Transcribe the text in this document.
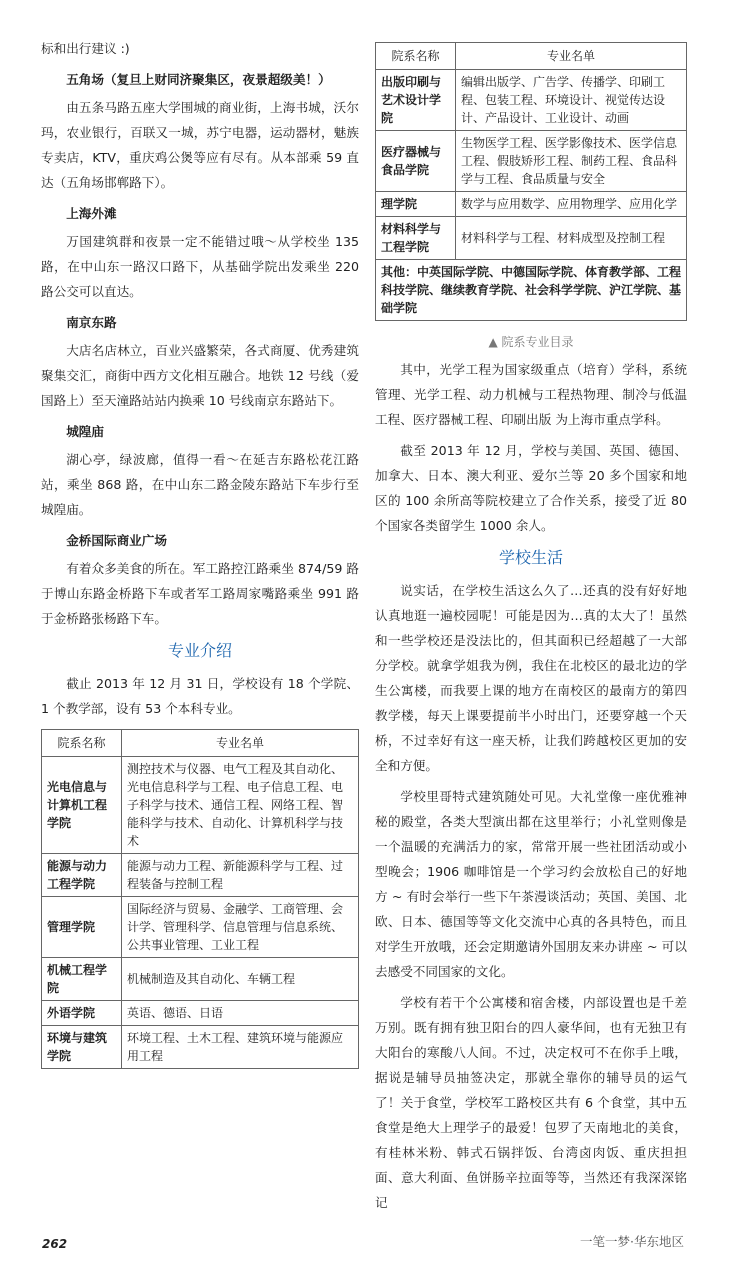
标和出行建议 :)

五角场（复旦上财同济聚集区，夜景超级美！）

由五条马路五座大学围城的商业街，上海书城，沃尔玛，农业银行，百联又一城，苏宁电器，运动器材，魅族专卖店，KTV，重庆鸡公煲等应有尽有。从本部乘 59 直达（五角场邯郸路下）。

上海外滩

万国建筑群和夜景一定不能错过哦～从学校坐 135 路，在中山东一路汉口路下，从基础学院出发乘坐 220 路公交可以直达。

南京东路

大店名店林立，百业兴盛繁荣，各式商厦、优秀建筑聚集交汇，商街中西方文化相互融合。地铁 12 号线（爱国路上）至天潼路站站内换乘 10 号线南京东路站下。

城隍庙

湖心亭，绿波廊，值得一看～在延吉东路松花江路站，乘坐 868 路，在中山东二路金陵东路站下车步行至城隍庙。

金桥国际商业广场

有着众多美食的所在。军工路控江路乘坐 874/59 路于博山东路金桥路下车或者军工路周家嘴路乘坐 991 路于金桥路张杨路下车。

专业介绍

截止 2013 年 12 月 31 日，学校设有 18 个学院、1 个教学部，设有 53 个本科专业。

院系名称	专业名单
光电信息与计算机工程学院	测控技术与仪器、电气工程及其自动化、光电信息科学与工程、电子信息工程、电子科学与技术、通信工程、网络工程、智能科学与技术、自动化、计算机科学与技术
能源与动力工程学院	能源与动力工程、新能源科学与工程、过程装备与控制工程
管理学院	国际经济与贸易、金融学、工商管理、会计学、管理科学、信息管理与信息系统、公共事业管理、工业工程
机械工程学院	机械制造及其自动化、车辆工程
外语学院	英语、德语、日语
环境与建筑学院	环境工程、土木工程、建筑环境与能源应用工程
院系名称	专业名单
出版印刷与艺术设计学院	编辑出版学、广告学、传播学、印刷工程、包装工程、环境设计、视觉传达设计、产品设计、工业设计、动画
医疗器械与食品学院	生物医学工程、医学影像技术、医学信息工程、假肢矫形工程、制药工程、食品科学与工程、食品质量与安全
理学院	数学与应用数学、应用物理学、应用化学
材料科学与工程学院	材料科学与工程、材料成型及控制工程
其他：中英国际学院、中德国际学院、体育教学部、工程科技学院、继续教育学院、社会科学学院、沪江学院、基础学院	
▲ 院系专业目录

其中，光学工程为国家级重点（培育）学科，系统管理、光学工程、动力机械与工程热物理、制冷与低温工程、医疗器械工程、印刷出版 为上海市重点学科。

截至 2013 年 12 月，学校与美国、英国、德国、加拿大、日本、澳大利亚、爱尔兰等 20 多个国家和地区的 100 余所高等院校建立了合作关系，接受了近 80 个国家各类留学生 1000 余人。

学校生活

说实话，在学校生活这么久了…还真的没有好好地认真地逛一遍校园呢！可能是因为…真的太大了！虽然和一些学校还是没法比的，但其面积已经超越了一大部分学校。就拿学姐我为例，我住在北校区的最北边的学生公寓楼，而我要上课的地方在南校区的最南方的第四教学楼，每天上课要提前半小时出门，还要穿越一个天桥，不过幸好有这一座天桥，让我们跨越校区更加的安全和方便。

学校里哥特式建筑随处可见。大礼堂像一座优雅神秘的殿堂，各类大型演出都在这里举行；小礼堂则像是一个温暖的充满活力的家，常常开展一些社团活动或小型晚会；1906 咖啡馆是一个学习约会放松自己的好地方 ~ 有时会举行一些下午茶漫谈活动；英国、美国、北欧、日本、德国等等文化交流中心真的各具特色，而且对学生开放哦，还会定期邀请外国朋友来办讲座 ~ 可以去感受不同国家的文化。

学校有若干个公寓楼和宿舍楼，内部设置也是千差万别。既有拥有独卫阳台的四人豪华间，也有无独卫有大阳台的寒酸八人间。不过，决定权可不在你手上哦，据说是辅导员抽签决定，那就全靠你的辅导员的运气了！关于食堂，学校军工路校区共有 6 个食堂，其中五食堂是绝大上理学子的最爱！包罗了天南地北的美食，有桂林米粉、韩式石锅拌饭、台湾卤肉饭、重庆担担面、意大利面、鱼饼肠辛拉面等等，当然还有我深深铭记

262	一笔一梦·华东地区
